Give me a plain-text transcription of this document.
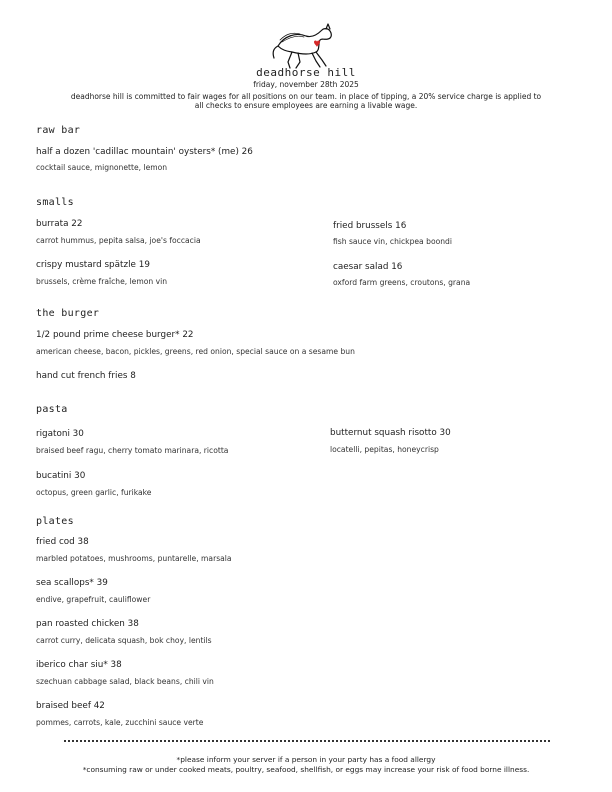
deadhorse hill
friday, november 28th 2025
deadhorse hill is committed to fair wages for all positions on our team. in place of tipping, a 20% service charge is applied to
all checks to ensure employees are earning a livable wage.
raw bar
half a dozen 'cadillac mountain' oysters* (me) 26
cocktail sauce, mignonette, lemon
smalls
burrata 22
carrot hummus, pepita salsa, joe's foccacia
fried brussels 16
fish sauce vin, chickpea boondi
crispy mustard spätzle 19
brussels, crème fraîche, lemon vin
caesar salad 16
oxford farm greens, croutons, grana
the burger
1/2 pound prime cheese burger* 22
american cheese, bacon, pickles, greens, red onion, special sauce on a sesame bun
hand cut french fries 8
pasta
rigatoni 30
braised beef ragu, cherry tomato marinara, ricotta
butternut squash risotto 30
locatelli, pepitas, honeycrisp
bucatini 30
octopus, green garlic, furikake
plates
fried cod 38
marbled potatoes, mushrooms, puntarelle, marsala
sea scallops* 39
endive, grapefruit, cauliflower
pan roasted chicken 38
carrot curry, delicata squash, bok choy, lentils
iberico char siu* 38
szechuan cabbage salad, black beans, chili vin
braised beef 42
pommes, carrots, kale, zucchini sauce verte
*please inform your server if a person in your party has a food allergy
*consuming raw or under cooked meats, poultry, seafood, shellfish, or eggs may increase your risk of food borne illness.
